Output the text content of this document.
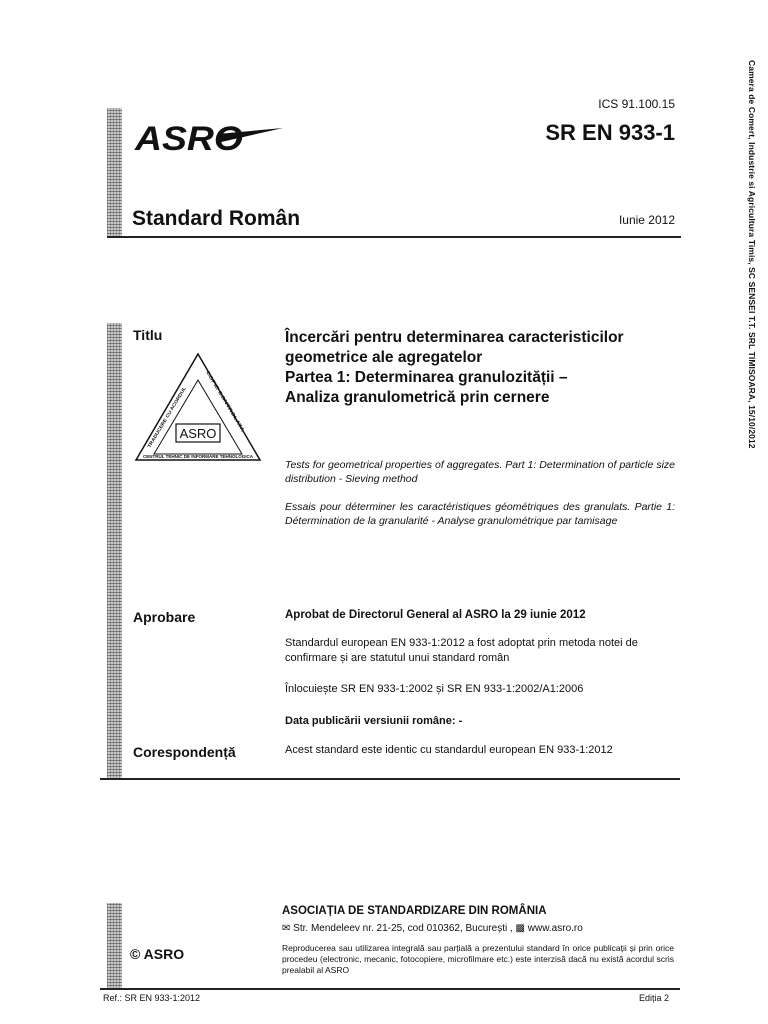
Camera de Comert, Industrie si Agricultura Timis, SC SENSEI T.T. SRL TIMISOARA, 15/10/2012
ASRO
ICS 91.100.15
SR EN 933-1
Standard Român	Iunie 2012
Titlu
ASRO
CENTRUL TEHNIC DE INFORMARE TEHNOLOGICA
TRADUCERE CU ACORDUL
COPIE CONTROLATA
Încercări pentru determinarea caracteristicilor
geometrice ale agregatelor
Partea 1: Determinarea granulozității –
Analiza granulometrică prin cernere
Tests for geometrical properties of aggregates. Part 1: Determination of particle size distribution - Sieving method
Essais pour déterminer les caractéristiques géométriques des granulats. Partie 1: Détermination de la granularité - Analyse granulométrique par tamisage
Aprobare	Aprobat de Directorul General al ASRO la 29 iunie 2012
Standardul european EN 933-1:2012 a fost adoptat prin metoda notei de confirmare și are statutul unui standard român
Înlocuiește SR EN 933-1:2002 și SR EN 933-1:2002/A1:2006
Data publicării versiunii române: -
Corespondență	Acest standard este identic cu standardul european EN 933-1:2012
ASOCIAȚIA DE STANDARDIZARE DIN ROMÂNIA
✉ Str. Mendeleev nr. 21-25, cod 010362, București , ▩ www.asro.ro
Reproducerea sau utilizarea integrală sau parțială a prezentului standard în orice publicații și prin orice procedeu (electronic, mecanic, fotocopiere, microfilmare etc.) este interzisă dacă nu există acordul scris prealabil al ASRO
© ASRO
Ref.: SR EN 933-1:2012	Ediția 2
